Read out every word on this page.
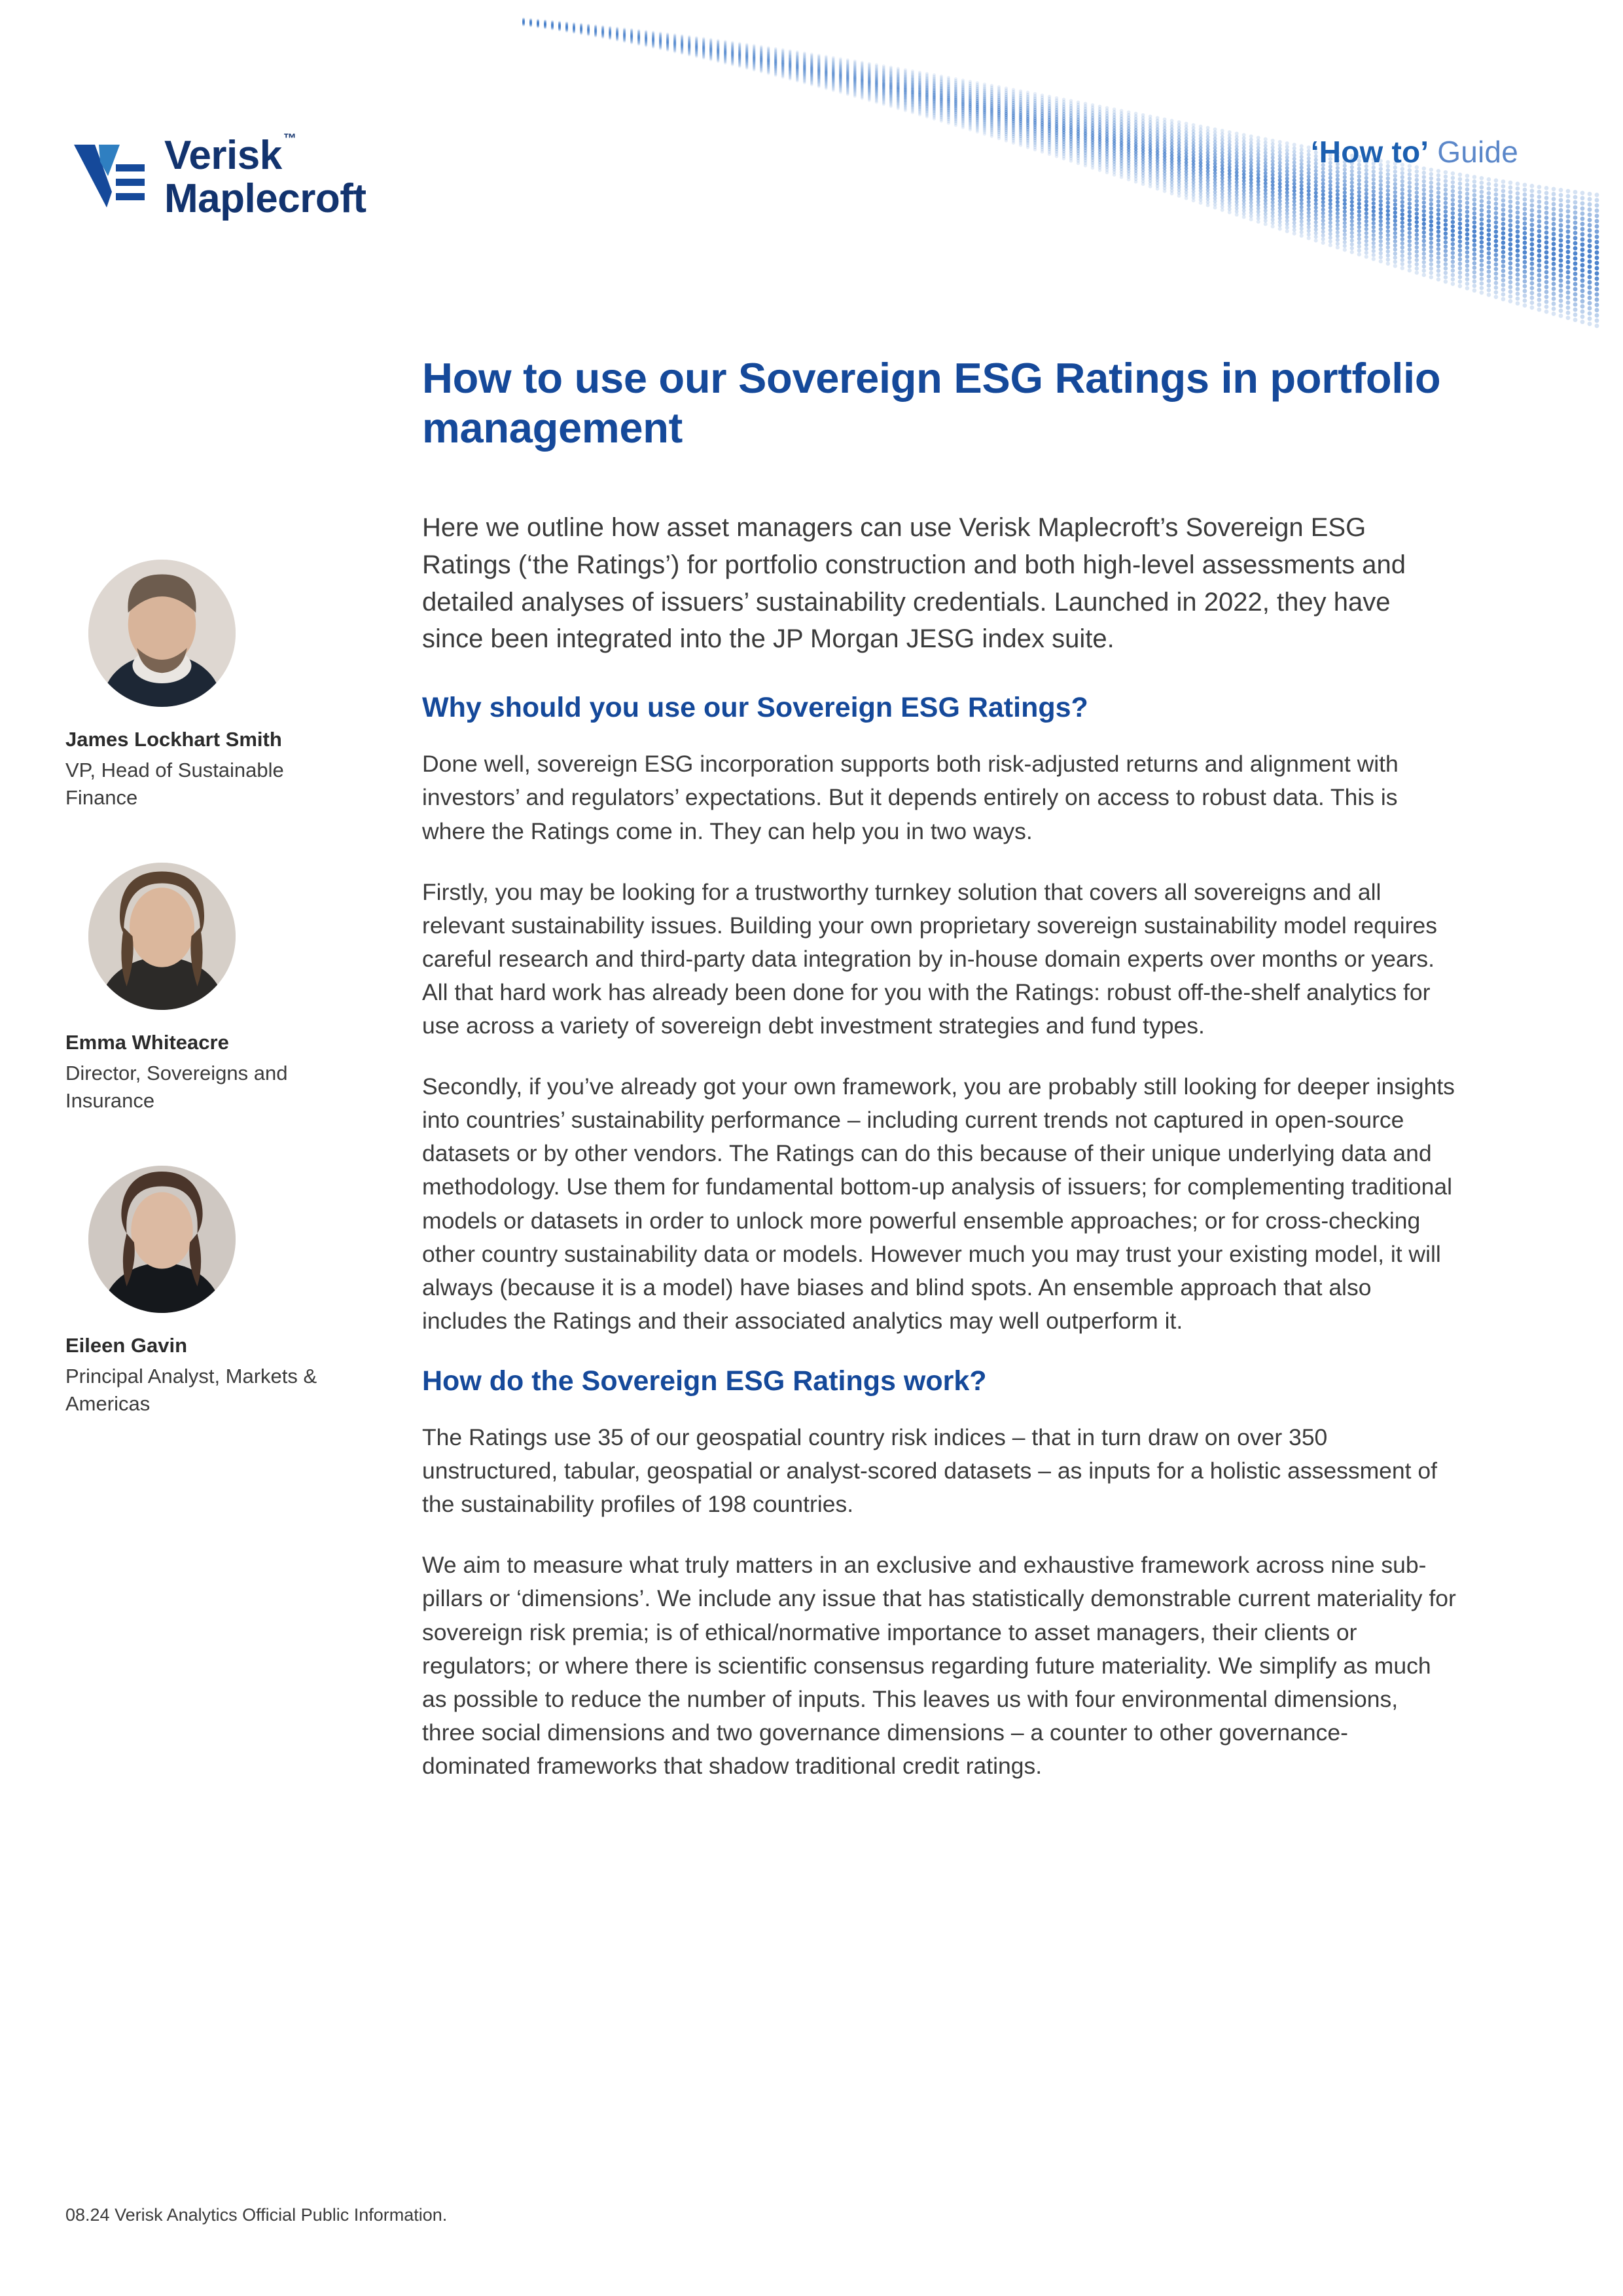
Verisk ™
Maplecroft
‘How to’ Guide
James Lockhart Smith
VP, Head of Sustainable Finance
Emma Whiteacre
Director, Sovereigns and Insurance
Eileen Gavin
Principal Analyst, Markets & Americas
How to use our Sovereign ESG Ratings in portfolio management

Here we outline how asset managers can use Verisk Maplecroft’s Sovereign ESG Ratings (‘the Ratings’) for portfolio construction and both high-level assessments and detailed analyses of issuers’ sustainability credentials. Launched in 2022, they have since been integrated into the JP Morgan JESG index suite.

Why should you use our Sovereign ESG Ratings?

Done well, sovereign ESG incorporation supports both risk-adjusted returns and alignment with investors’ and regulators’ expectations. But it depends entirely on access to robust data. This is where the Ratings come in. They can help you in two ways.

Firstly, you may be looking for a trustworthy turnkey solution that covers all sovereigns and all relevant sustainability issues. Building your own proprietary sovereign sustainability model requires careful research and third-party data integration by in-house domain experts over months or years. All that hard work has already been done for you with the Ratings: robust off-the-shelf analytics for use across a variety of sovereign debt investment strategies and fund types.

Secondly, if you’ve already got your own framework, you are probably still looking for deeper insights into countries’ sustainability performance – including current trends not captured in open-source datasets or by other vendors. The Ratings can do this because of their unique underlying data and methodology. Use them for fundamental bottom-up analysis of issuers; for complementing traditional models or datasets in order to unlock more powerful ensemble approaches; or for cross-checking other country sustainability data or models. However much you may trust your existing model, it will always (because it is a model) have biases and blind spots. An ensemble approach that also includes the Ratings and their associated analytics may well outperform it.

How do the Sovereign ESG Ratings work?

The Ratings use 35 of our geospatial country risk indices – that in turn draw on over 350 unstructured, tabular, geospatial or analyst-scored datasets – as inputs for a holistic assessment of the sustainability profiles of 198 countries.

We aim to measure what truly matters in an exclusive and exhaustive framework across nine sub-pillars or ‘dimensions’. We include any issue that has statistically demonstrable current materiality for sovereign risk premia; is of ethical/normative importance to asset managers, their clients or regulators; or where there is scientific consensus regarding future materiality. We simplify as much as possible to reduce the number of inputs. This leaves us with four environmental dimensions, three social dimensions and two governance dimensions – a counter to other governance-dominated frameworks that shadow traditional credit ratings.

08.24 Verisk Analytics Official Public Information.
